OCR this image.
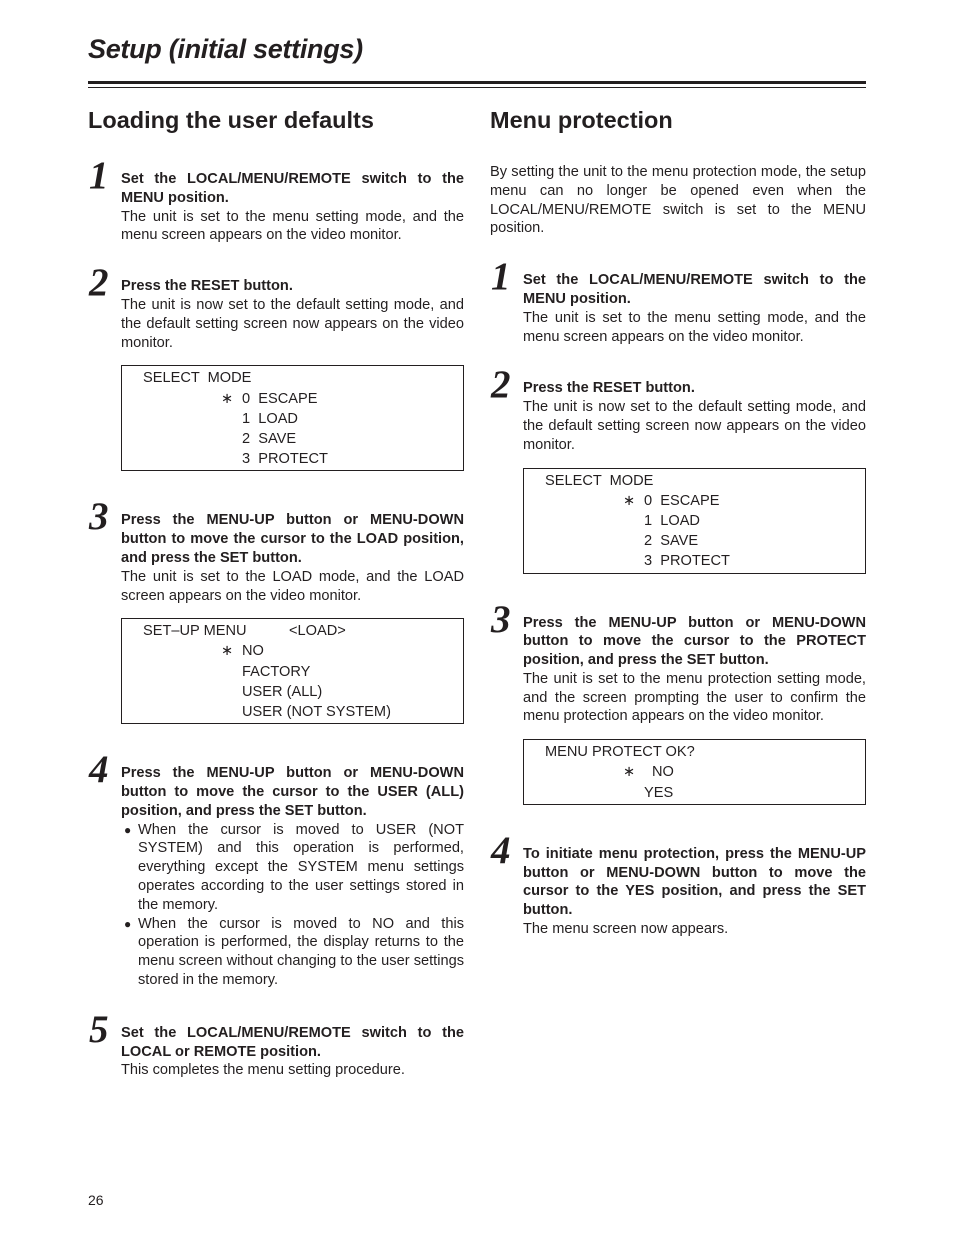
Setup (initial settings)
Loading the user defaults
1 Set the LOCAL/MENU/REMOTE switch to the MENU position.

The unit is set to the menu setting mode, and the menu screen appears on the video monitor.

2 Press the RESET button.

The unit is now set to the default setting mode, and the default setting screen now appears on the video monitor.

SELECT  MODE
∗ 0  ESCAPE
1  LOAD
2  SAVE
3  PROTECT
3 Press the MENU-UP button or MENU-DOWN button to move the cursor to the LOAD position, and press the SET button.

The unit is set to the LOAD mode, and the LOAD screen appears on the video monitor.

SET–UP MENU	<LOAD>
∗ NO
FACTORY
USER (ALL)
USER (NOT SYSTEM)
4 Press the MENU-UP button or MENU-DOWN button to move the cursor to the USER (ALL) position, and press the SET button.

● When the cursor is moved to USER (NOT SYSTEM) and this operation is performed, everything except the SYSTEM menu settings operates according to the user settings stored in the memory.
● When the cursor is moved to NO and this operation is performed, the display returns to the menu screen without changing to the user settings stored in the memory.
5 Set the LOCAL/MENU/REMOTE switch to the LOCAL or REMOTE position.

This completes the menu setting procedure.

Menu protection

By setting the unit to the menu protection mode, the setup menu can no longer be opened even when the LOCAL/MENU/REMOTE switch is set to the MENU position.

1 Set the LOCAL/MENU/REMOTE switch to the MENU position.

The unit is set to the menu setting mode, and the menu screen appears on the video monitor.

2 Press the RESET button.

The unit is now set to the default setting mode, and the default setting screen now appears on the video monitor.

SELECT  MODE
∗ 0  ESCAPE
1  LOAD
2  SAVE
3  PROTECT
3 Press the MENU-UP button or MENU-DOWN button to move the cursor to the PROTECT position, and press the SET button.

The unit is set to the menu protection setting mode, and the screen prompting the user to confirm the menu protection appears on the video monitor.

MENU PROTECT OK?
∗ NO
YES
4 To initiate menu protection, press the MENU-UP button or MENU-DOWN button to move the cursor to the YES position, and press the SET button.

The menu screen now appears.

26
